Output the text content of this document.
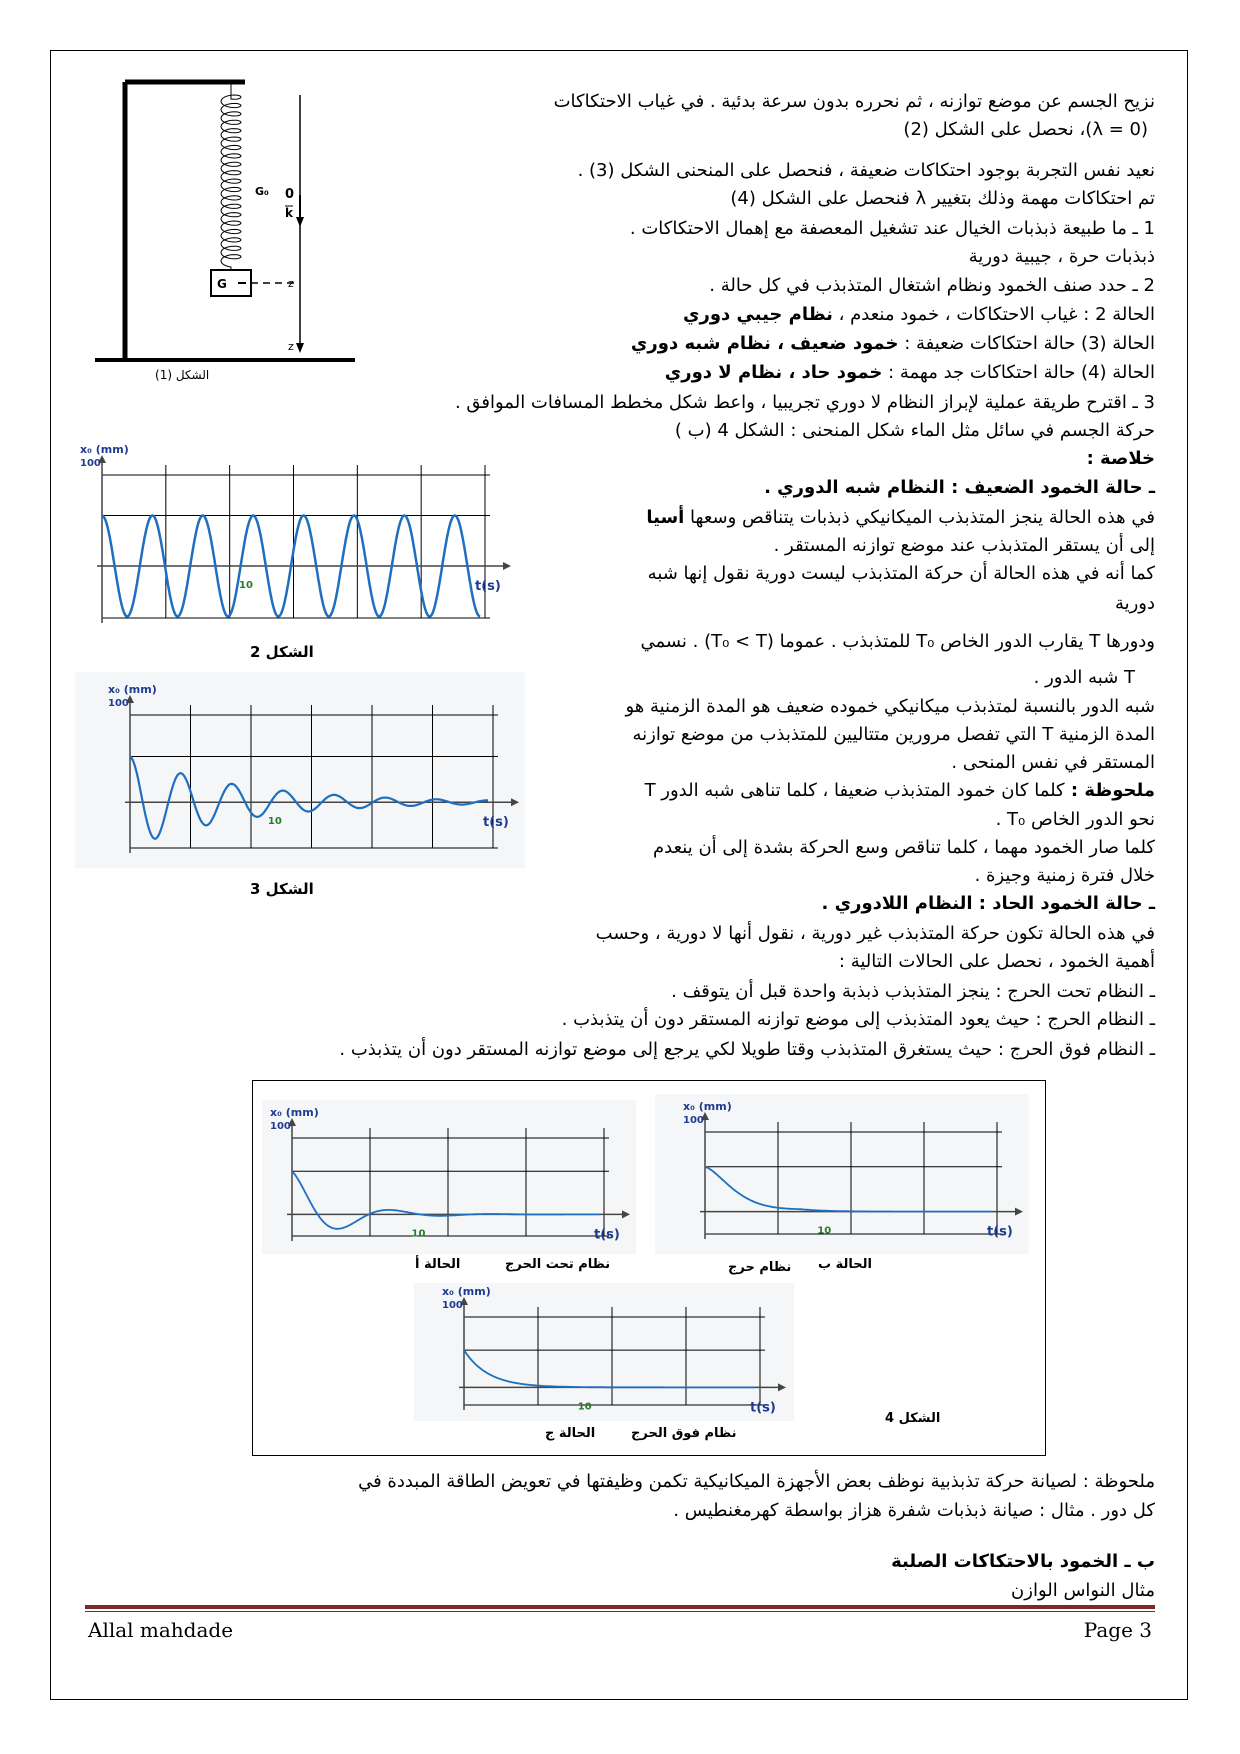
G
G₀ 0
k
z
z
الشكل (1)
نزيح الجسم عن موضع توازنه ، ثم نحرره بدون سرعة بدئية . في غياب الاحتكاكات
(λ = 0)، نحصل على الشكل (2)
نعيد نفس التجربة بوجود احتكاكات ضعيفة ، فنحصل على المنحنى الشكل (3) .
تم احتكاكات مهمة وذلك بتغيير λ فنحصل على الشكل (4)
1 ـ ما طبيعة ذبذبات الخيال عند تشغيل المعصفة مع إهمال الاحتكاكات .
ذبذبات حرة ، جيبية دورية
2 ـ حدد صنف الخمود ونظام اشتغال المتذبذب في كل حالة .
الحالة 2 : غياب الاحتكاكات ، خمود منعدم ، نظام جيبي دوري
الحالة (3) حالة احتكاكات ضعيفة : خمود ضعيف ، نظام شبه دوري
الحالة (4) حالة احتكاكات جد مهمة : خمود حاد ، نظام لا دوري
3 ـ اقترح طريقة عملية لإبراز النظام لا دوري تجريبيا ، واعط شكل مخطط المسافات الموافق .
حركة الجسم في سائل مثل الماء شكل المنحنى : الشكل 4 (ب )
خلاصة :
ـ حالة الخمود الضعيف : النظام شبه الدوري .
في هذه الحالة ينجز المتذبذب الميكانيكي ذبذبات يتناقص وسعها أسيا
إلى أن يستقر المتذبذب عند موضع توازنه المستقر .
كما أنه في هذه الحالة أن حركة المتذبذب ليست دورية نقول إنها شبه
دورية
ودورها T يقارب الدور الخاص T₀ للمتذبذب . عموما (T₀ < T) . نسمي
T شبه الدور .
شبه الدور بالنسبة لمتذبذب ميكانيكي خموده ضعيف هو المدة الزمنية هو
المدة الزمنية T التي تفصل مرورين متتاليين للمتذبذب من موضع توازنه
المستقر في نفس المنحى .
ملحوظة : كلما كان خمود المتذبذب ضعيفا ، كلما تناهى شبه الدور T
نحو الدور الخاص T₀ .
كلما صار الخمود مهما ، كلما تناقص وسع الحركة بشدة إلى أن ينعدم
خلال فترة زمنية وجيزة .
ـ حالة الخمود الحاد : النظام اللادوري .
في هذه الحالة تكون حركة المتذبذب غير دورية ، نقول أنها لا دورية ، وحسب
أهمية الخمود ، نحصل على الحالات التالية :
ـ النظام تحت الحرج : ينجز المتذبذب ذبذبة واحدة قبل أن يتوقف .
ـ النظام الحرج : حيث يعود المتذبذب إلى موضع توازنه المستقر دون أن يتذبذب .
ـ النظام فوق الحرج : حيث يستغرق المتذبذب وقتا طويلا لكي يرجع إلى موضع توازنه المستقر دون أن يتذبذب .
ملحوظة : لصيانة حركة تذبذبية نوظف بعض الأجهزة الميكانيكية تكمن وظيفتها في تعويض الطاقة المبددة في
كل دور . مثال : صيانة ذبذبات شفرة هزاز بواسطة كهرمغنطيس .
ب ـ الخمود بالاحتكاكات الصلبة
مثال النواس الوازن
x₀ (mm)
100
t(s)
10
الشكل 2
x₀ (mm)
100
t(s)
10
الشكل 3
x₀ (mm)
100
t(s)
10
نظام تحت الحرج
الحالة أ
x₀ (mm)
100
t(s)
10
نظام حرج الحالة ب
x₀ (mm)
100
t(s)
10
نظام فوق الحرج
الحالة ج
الشكل 4
Allal mahdade	Page 3
